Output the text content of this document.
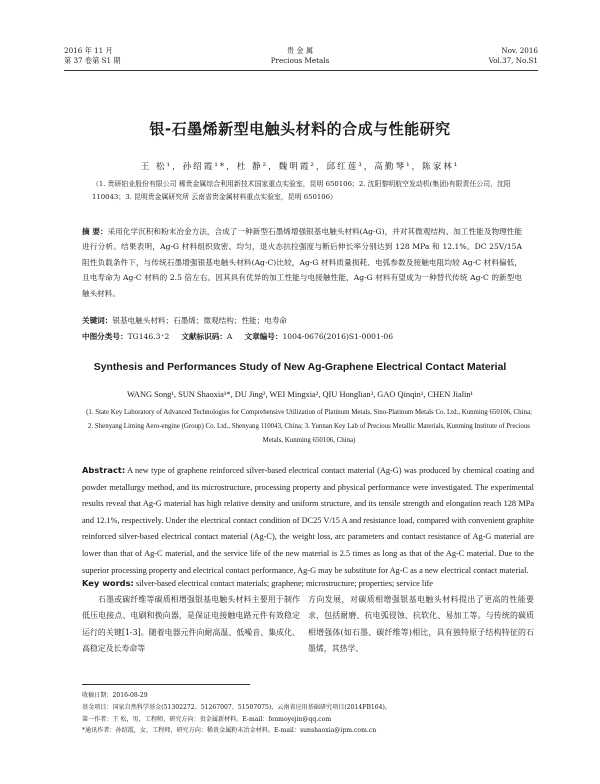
2016 年 11 月
第 37 卷第 S1 期
贵 金 属
Precious Metals
Nov. 2016
Vol.37, No.S1
银-石墨烯新型电触头材料的合成与性能研究
王 松¹，孙绍霞¹*，杜 静²，魏明霞²，邱红莲³，高勤琴¹，陈家林¹
（1. 贵研铂业股份有限公司 稀贵金属综合利用新技术国家重点实验室，昆明 650106；2. 沈阳黎明航空发动机(集团)有限责任公司，沈阳 110043；3. 昆明贵金属研究所 云南省贵金属材料重点实验室，昆明 650106）
摘 要：采用化学沉积和粉末冶金方法，合成了一种新型石墨烯增强银基电触头材料(Ag-G)，并对其微观结构、加工性能及物理性能进行分析。结果表明，Ag-G 材料组织致密、均匀，退火态抗拉强度与断后伸长率分别达到 128 MPa 和 12.1%。DC 25V/15A 阻性负载条件下，与传统石墨增强银基电触头材料(Ag-C)比较，Ag-G 材料质量损耗、电弧参数及接触电阻均较 Ag-C 材料偏低，且电寿命为 Ag-C 材料的 2.5 倍左右。因其具有优异的加工性能与电接触性能，Ag-G 材料有望成为一种替代传统 Ag-C 的新型电触头材料。
关键词：银基电触头材料；石墨烯；微观结构；性能；电寿命
中图分类号：TG146.3⁺2 文献标识码：A 文章编号：1004-0676(2016)S1-0001-06
Synthesis and Performances Study of New Ag-Graphene Electrical Contact Material
WANG Song¹, SUN Shaoxia¹*, DU Jing², WEI Mingxia², QIU Honglian³, GAO Qinqin¹, CHEN Jialin¹
(1. State Key Laboratory of Advanced Technologies for Comprehensive Utilization of Platinum Metals, Sino-Platinum Metals Co. Ltd., Kunming 650106, China; 2. Shenyang Liming Aero-engine (Group) Co. Ltd., Shenyang 110043, China; 3. Yunnan Key Lab of Precious Metallic Materials, Kunming Institute of Precious Metals, Kunming 650106, China)
Abstract: A new type of graphene reinforced silver-based electrical contact material (Ag-G) was produced by chemical coating and powder metallurgy method, and its microstructure, processing property and physical performance were investigated. The experimental results reveal that Ag-G material has high relative density and uniform structure, and its tensile strength and elongation reach 128 MPa and 12.1%, respectively. Under the electrical contact condition of DC25 V/15 A and resistance load, compared with convenient graphite reinforced silver-based electrical contact material (Ag-C), the weight loss, arc parameters and contact resistance of Ag-G material are lower than that of Ag-C material, and the service life of the new material is 2.5 times as long as that of the Ag-C material. Due to the superior processing property and electrical contact performance, Ag-G may be substitute for Ag-C as a new electrical contact material.
Key words: silver-based electrical contact materials; graphene; microstructure; properties; service life
石墨或碳纤维等碳质相增强银基电触头材料主要用于制作低压电接点、电刷和换向器，是保证电接触电路元件有效稳定运行的关键[1-3]。随着电器元件向耐高温、低噪音、集成化、高稳定及长寿命等
方向发展，对碳质相增强银基电触头材料提出了更高的性能要求，包括耐磨、抗电弧侵蚀、抗软化、易加工等。与传统的碳质相增强体(如石墨、碳纤维等)相比，具有独特原子结构特征的石墨烯，其热学、
收稿日期：2016-08-29
基金项目：国家自然科学基金(51302272、51267007、51507075)，云南省应用基础研究项目(2014FB164)。
第一作者：王 松，男，工程师，研究方向：贵金属新材料。E-mail：fenmoyejin@qq.com
*通讯作者：孙绍霞，女，工程师，研究方向：稀贵金属粉末冶金材料。E-mail：sunshaoxia@ipm.com.cn
